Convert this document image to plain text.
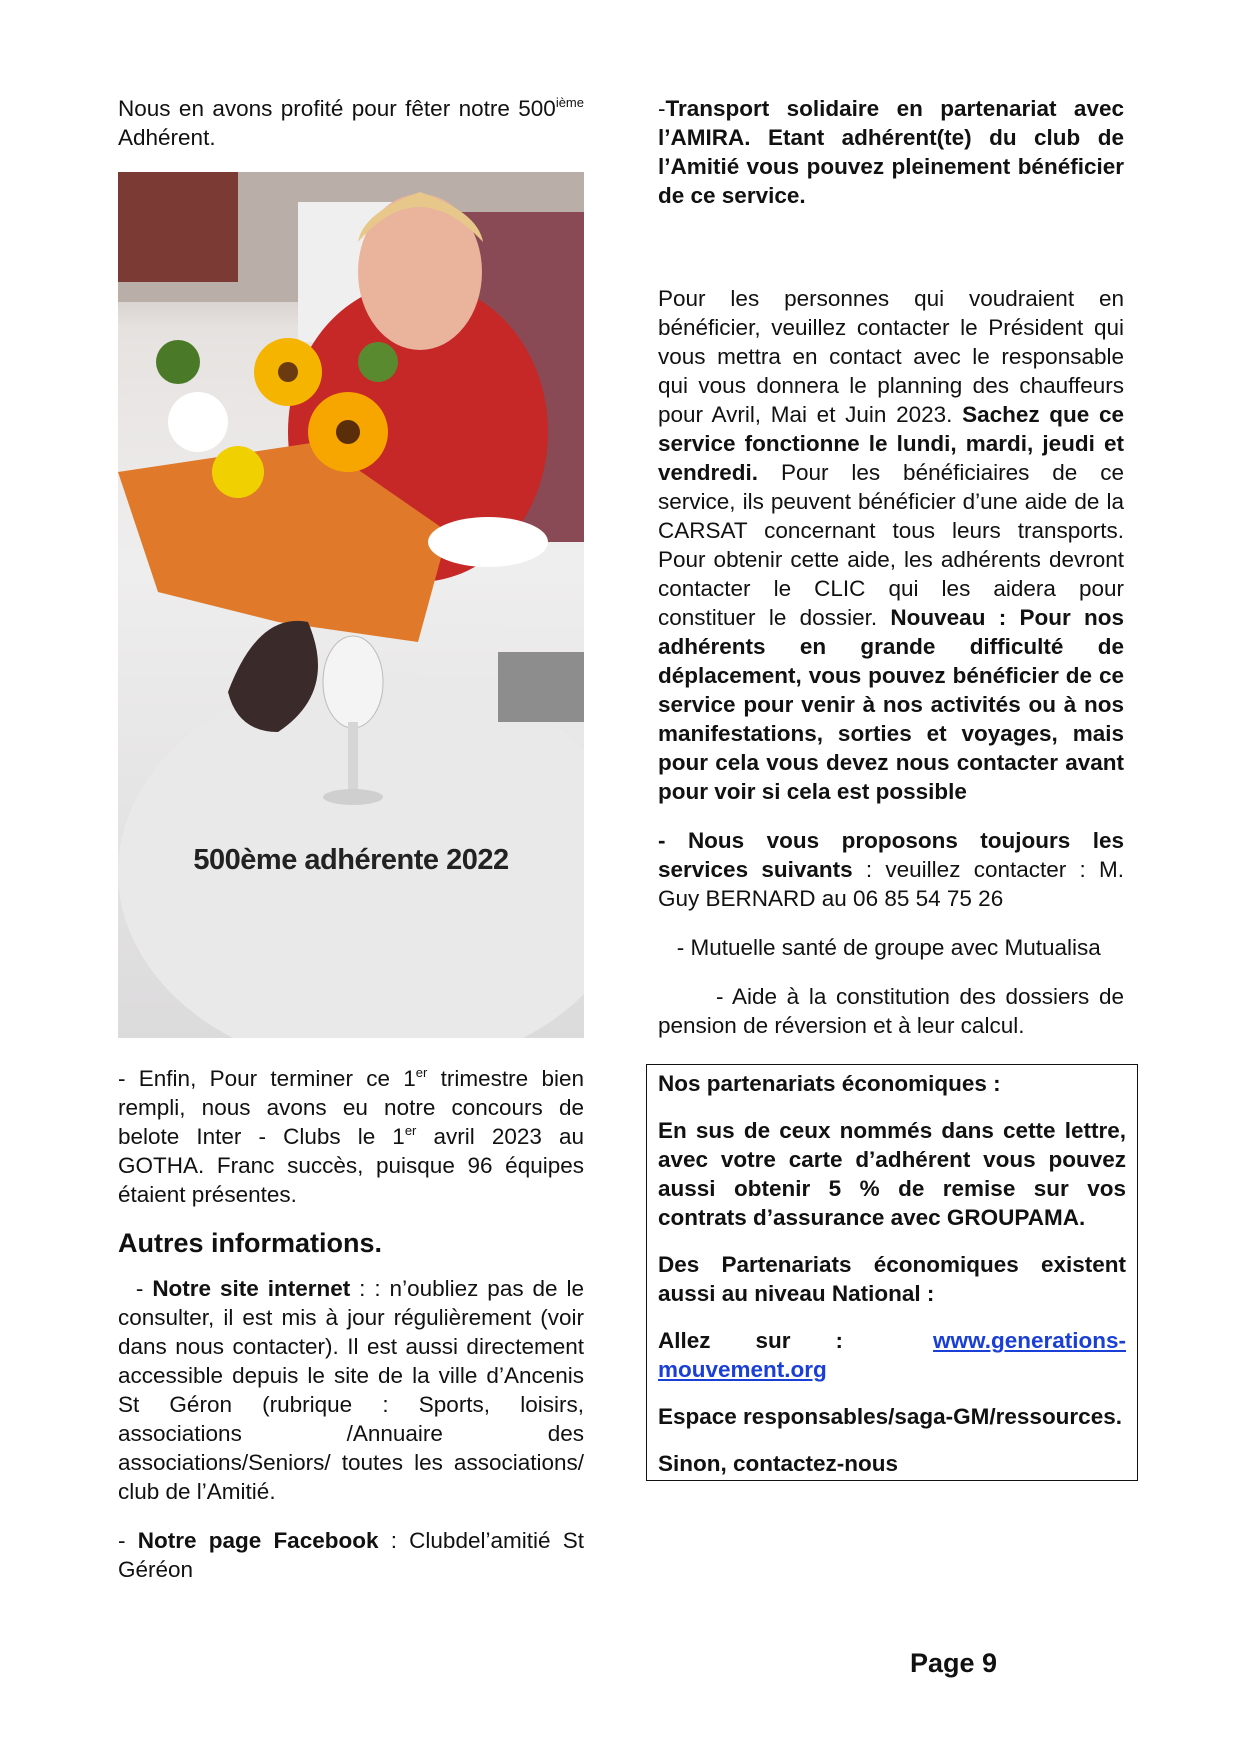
Nous en avons profité pour fêter notre 500ième Adhérent.

500ème adhérente 2022

- Enfin, Pour terminer ce 1er trimestre bien rempli, nous avons eu notre concours de belote Inter - Clubs le 1er avril 2023 au GOTHA. Franc succès, puisque 96 équipes étaient présentes.

Autres informations.

- Notre site internet : : n’oubliez pas de le consulter, il est mis à jour régulièrement (voir dans nous contacter). Il est aussi directement accessible depuis le site de la ville d’Ancenis St Géron (rubrique : Sports, loisirs, associations /Annuaire des associations/Seniors/ toutes les associations/ club de l’Amitié.

- Notre page Facebook : Clubdel’amitié St Géréon

-Transport solidaire en partenariat avec l’AMIRA. Etant adhérent(te) du club de l’Amitié vous pouvez pleinement bénéficier de ce service.

Pour les personnes qui voudraient en bénéficier, veuillez contacter le Président qui vous mettra en contact avec le responsable qui vous donnera le planning des chauffeurs pour Avril, Mai et Juin 2023. Sachez que ce service fonctionne le lundi, mardi, jeudi et vendredi. Pour les bénéficiaires de ce service, ils peuvent bénéficier d’une aide de la CARSAT concernant tous leurs transports. Pour obtenir cette aide, les adhérents devront contacter le CLIC qui les aidera pour constituer le dossier. Nouveau : Pour nos adhérents en grande difficulté de déplacement, vous pouvez bénéficier de ce service pour venir à nos activités ou à nos manifestations, sorties et voyages, mais pour cela vous devez nous contacter avant pour voir si cela est possible

- Nous vous proposons toujours les services suivants : veuillez contacter : M. Guy BERNARD au 06 85 54 75 26

- Mutuelle santé de groupe avec Mutualisa

- Aide à la constitution des dossiers de pension de réversion et à leur calcul.

Nos partenariats économiques :

En sus de ceux nommés dans cette lettre, avec votre carte d’adhérent vous pouvez aussi obtenir 5 % de remise sur vos contrats d’assurance avec GROUPAMA.

Des Partenariats économiques existent aussi au niveau National :

Allez sur :  www.generations-mouvement.org

Espace responsables/saga-GM/ressources.

Sinon, contactez-nous

Page 9
